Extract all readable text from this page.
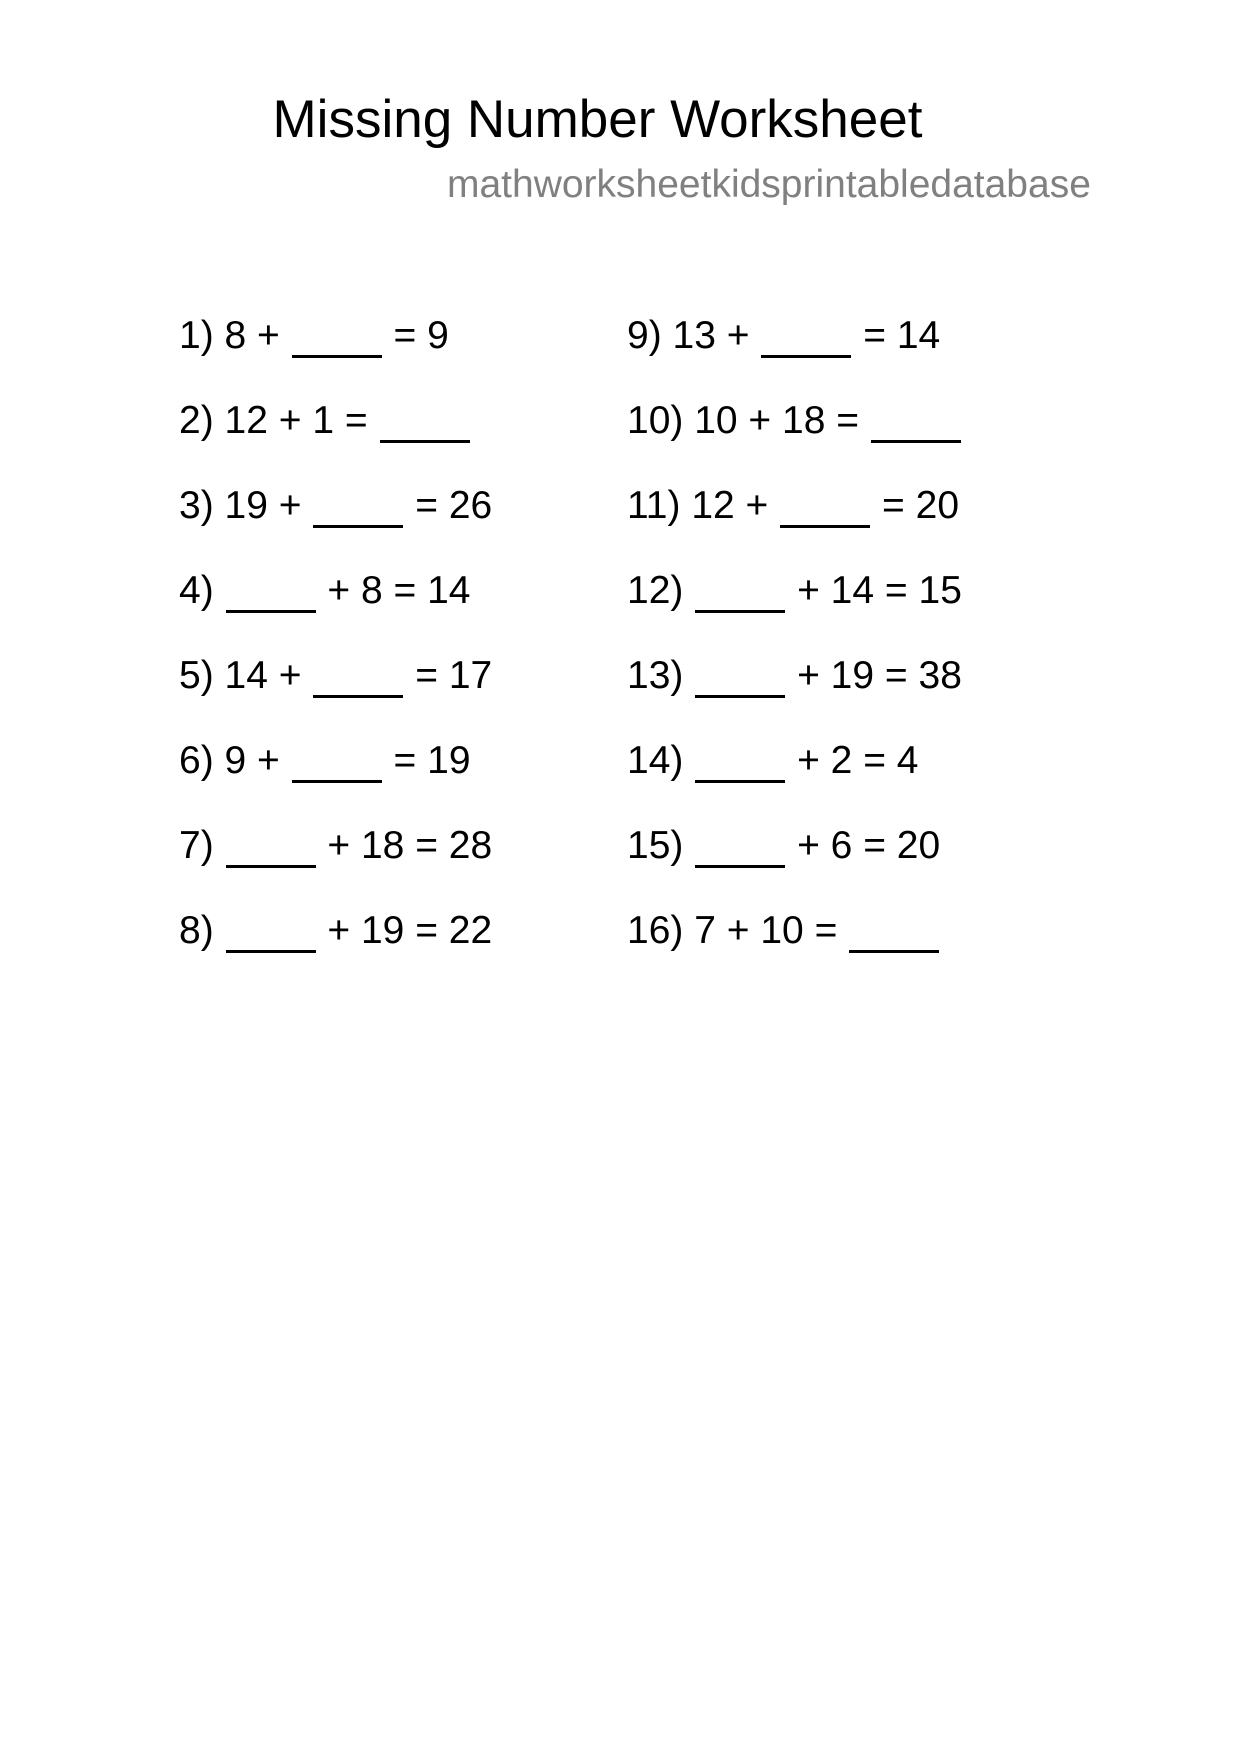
Missing Number Worksheet
mathworksheetkidsprintabledatabase
1) 8 +	= 9
2) 12 + 1 =
3) 19 +	= 26
4)	+ 8 = 14
5) 14 +	= 17
6) 9 +	= 19
7)	+ 18 = 28
8)	+ 19 = 22
9) 13 +	= 14
10) 10 + 18 =
11) 12 +	= 20
12)	+ 14 = 15
13)	+ 19 = 38
14)	+ 2 = 4
15)	+ 6 = 20
16) 7 + 10 =
